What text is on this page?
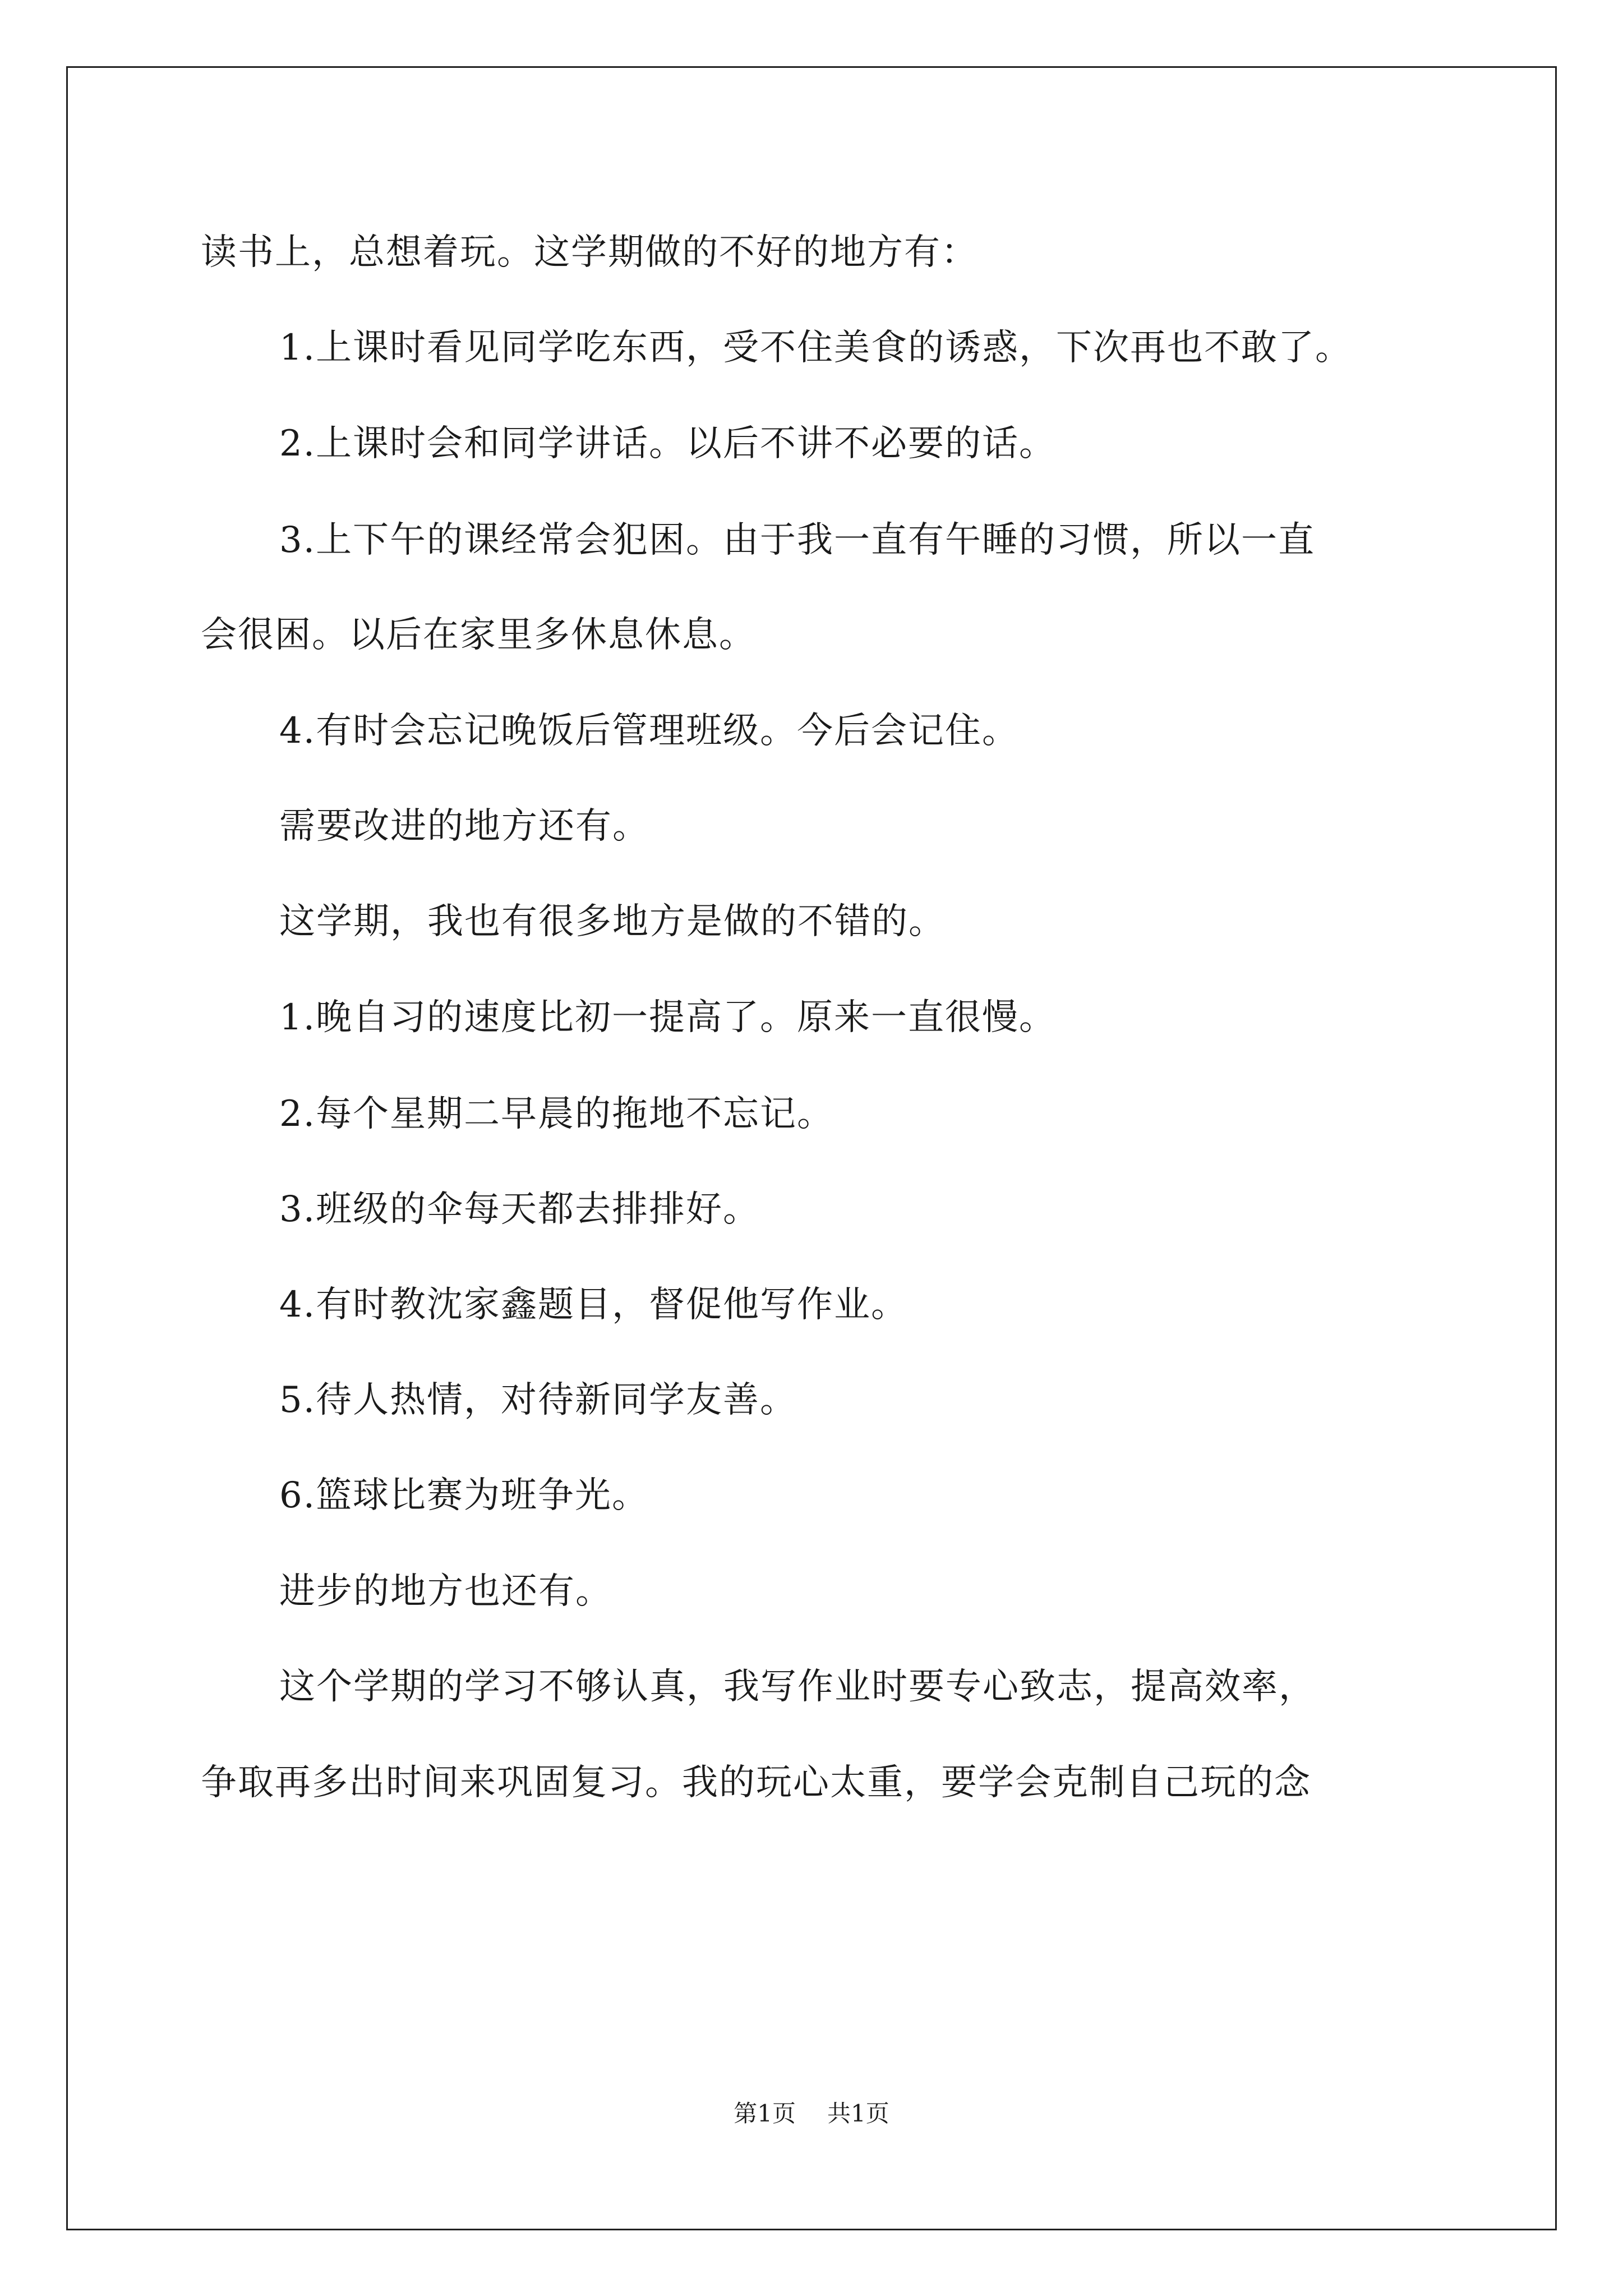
读书上，总想着玩。这学期做的不好的地方有：
1.上课时看见同学吃东西，受不住美食的诱惑，下次再也不敢了。
2.上课时会和同学讲话。以后不讲不必要的话。
3.上下午的课经常会犯困。由于我一直有午睡的习惯，所以一直
会很困。以后在家里多休息休息。
4.有时会忘记晚饭后管理班级。今后会记住。
需要改进的地方还有。
这学期，我也有很多地方是做的不错的。
1.晚自习的速度比初一提高了。原来一直很慢。
2.每个星期二早晨的拖地不忘记。
3.班级的伞每天都去排排好。
4.有时教沈家鑫题目，督促他写作业。
5.待人热情，对待新同学友善。
6.篮球比赛为班争光。
进步的地方也还有。
这个学期的学习不够认真，我写作业时要专心致志，提高效率，
争取再多出时间来巩固复习。我的玩心太重，要学会克制自己玩的念
第1页 共1页
